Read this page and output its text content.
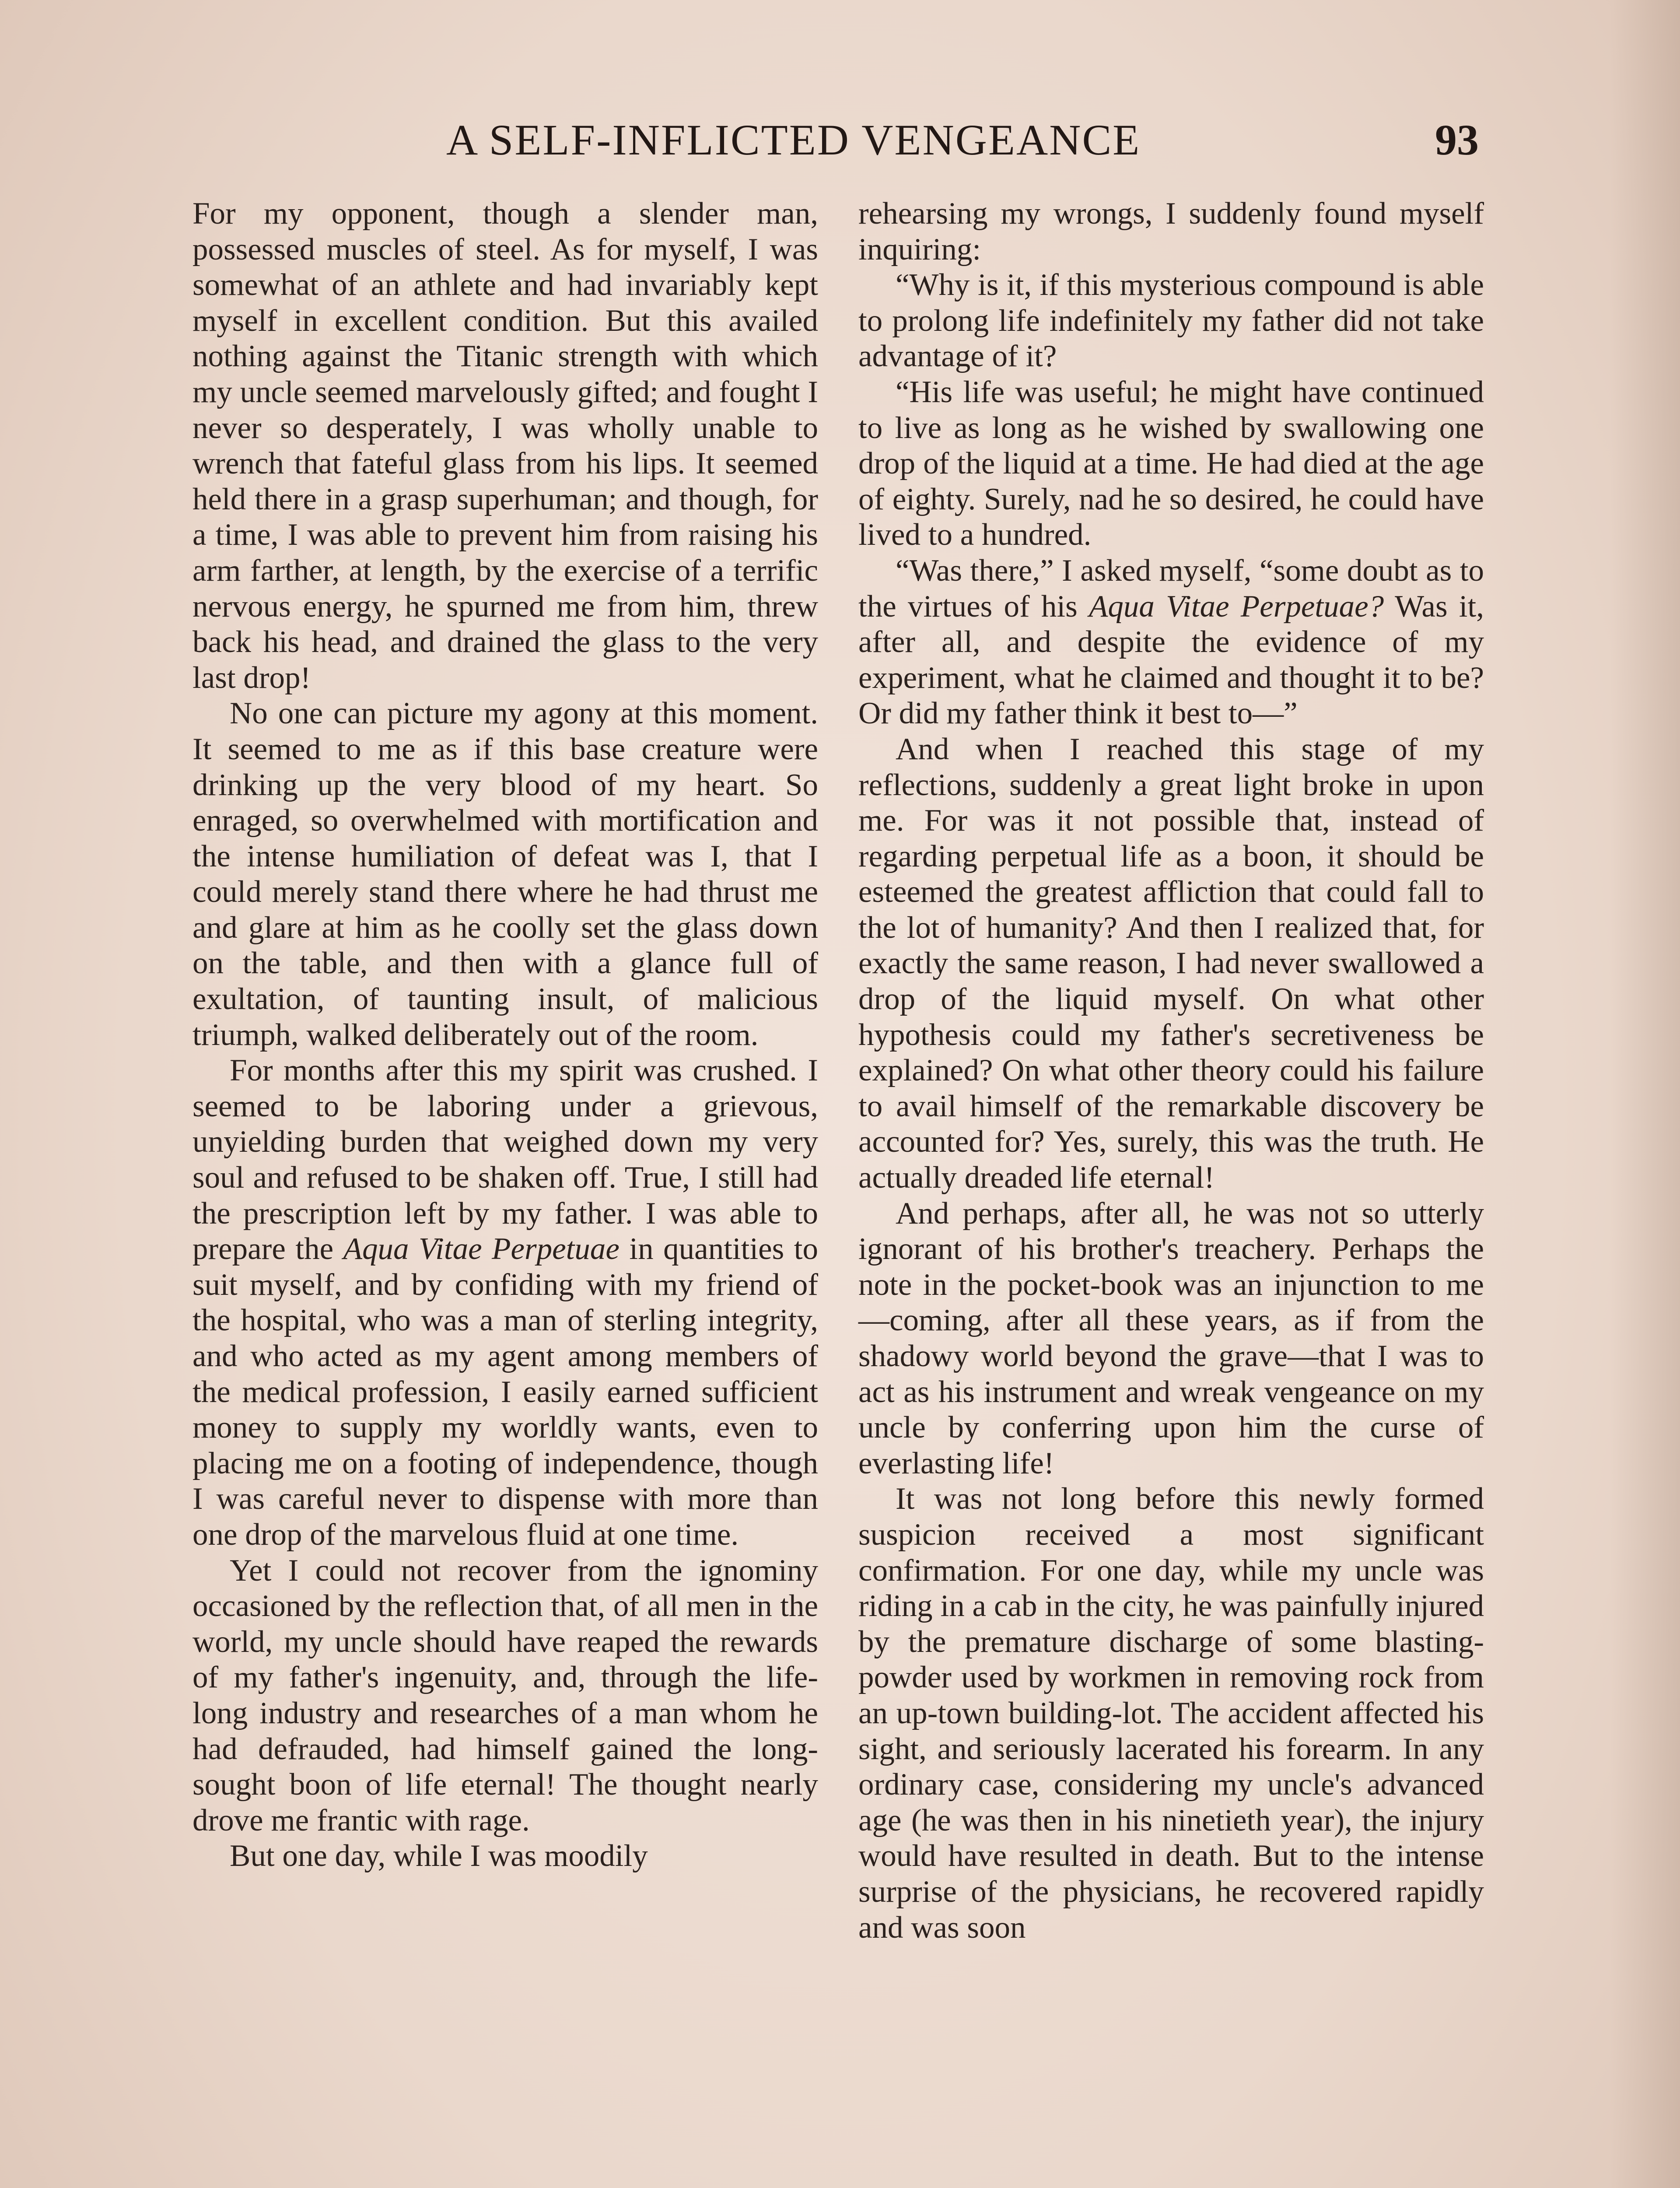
A SELF-INFLICTED VENGEANCE	93

For my opponent, though a slender man, possessed muscles of steel. As for myself, I was somewhat of an athlete and had invariably kept myself in excellent condition. But this availed nothing against the Titanic strength with which my uncle seemed marvelously gifted; and fought I never so desperately, I was wholly unable to wrench that fateful glass from his lips. It seemed held there in a grasp superhuman; and though, for a time, I was able to prevent him from raising his arm farther, at length, by the exercise of a terrific nervous energy, he spurned me from him, threw back his head, and drained the glass to the very last drop!

No one can picture my agony at this moment. It seemed to me as if this base creature were drinking up the very blood of my heart. So enraged, so overwhelmed with mortification and the intense humiliation of defeat was I, that I could merely stand there where he had thrust me and glare at him as he coolly set the glass down on the table, and then with a glance full of exultation, of taunting insult, of malicious triumph, walked deliberately out of the room.

For months after this my spirit was crushed. I seemed to be laboring under a grievous, unyielding burden that weighed down my very soul and refused to be shaken off. True, I still had the prescription left by my father. I was able to prepare the Aqua Vitae Perpetuae in quantities to suit myself, and by confiding with my friend of the hospital, who was a man of sterling integrity, and who acted as my agent among members of the medical profession, I easily earned sufficient money to supply my worldly wants, even to placing me on a footing of independence, though I was careful never to dispense with more than one drop of the marvelous fluid at one time.

Yet I could not recover from the ignominy occasioned by the reflection that, of all men in the world, my uncle should have reaped the rewards of my father's ingenuity, and, through the life-long industry and researches of a man whom he had defrauded, had himself gained the long-sought boon of life eternal! The thought nearly drove me frantic with rage.

But one day, while I was moodily

rehearsing my wrongs, I suddenly found myself inquiring:

“Why is it, if this mysterious compound is able to prolong life indefinitely my father did not take advantage of it?

“His life was useful; he might have continued to live as long as he wished by swallowing one drop of the liquid at a time. He had died at the age of eighty. Surely, nad he so desired, he could have lived to a hundred.

“Was there,” I asked myself, “some doubt as to the virtues of his Aqua Vitae Perpetuae? Was it, after all, and despite the evidence of my experiment, what he claimed and thought it to be? Or did my father think it best to—”

And when I reached this stage of my reflections, suddenly a great light broke in upon me. For was it not possible that, instead of regarding perpetual life as a boon, it should be esteemed the greatest affliction that could fall to the lot of humanity? And then I realized that, for exactly the same reason, I had never swallowed a drop of the liquid myself. On what other hypothesis could my father's secretiveness be explained? On what other theory could his failure to avail himself of the remarkable discovery be accounted for? Yes, surely, this was the truth. He actually dreaded life eternal!

And perhaps, after all, he was not so utterly ignorant of his brother's treachery. Perhaps the note in the pocket-book was an injunction to me—coming, after all these years, as if from the shadowy world beyond the grave—that I was to act as his instrument and wreak vengeance on my uncle by conferring upon him the curse of everlasting life!

It was not long before this newly formed suspicion received a most significant confirmation. For one day, while my uncle was riding in a cab in the city, he was painfully injured by the premature discharge of some blasting-powder used by workmen in removing rock from an up-town building-lot. The accident affected his sight, and seriously lacerated his forearm. In any ordinary case, considering my uncle's advanced age (he was then in his ninetieth year), the injury would have resulted in death. But to the intense surprise of the physicians, he recovered rapidly and was soon
